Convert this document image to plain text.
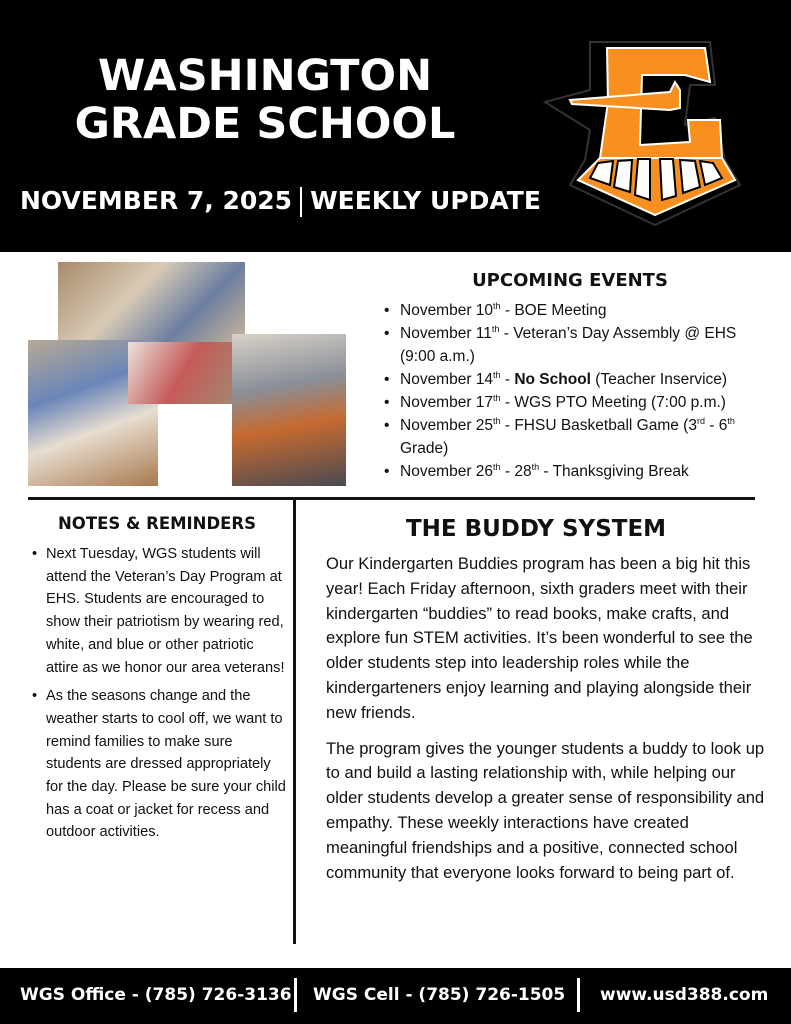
WASHINGTON
GRADE SCHOOL
NOVEMBER 7, 2025 WEEKLY UPDATE
UPCOMING EVENTS
• November 10th - BOE Meeting
• November 11th - Veteran’s Day Assembly @ EHS (9:00 a.m.)
• November 14th - No School (Teacher Inservice)
• November 17th - WGS PTO Meeting (7:00 p.m.)
• November 25th - FHSU Basketball Game (3rd - 6th Grade)
• November 26th - 28th - Thanksgiving Break
NOTES & REMINDERS
• Next Tuesday, WGS students will attend the Veteran’s Day Program at EHS. Students are encouraged to show their patriotism by wearing red, white, and blue or other patriotic attire as we honor our area veterans!
• As the seasons change and the weather starts to cool off, we want to remind families to make sure students are dressed appropriately for the day. Please be sure your child has a coat or jacket for recess and outdoor activities.
THE BUDDY SYSTEM

Our Kindergarten Buddies program has been a big hit this year! Each Friday afternoon, sixth graders meet with their kindergarten “buddies” to read books, make crafts, and explore fun STEM activities. It’s been wonderful to see the older students step into leadership roles while the kindergarteners enjoy learning and playing alongside their new friends.

The program gives the younger students a buddy to look up to and build a lasting relationship with, while helping our older students develop a greater sense of responsibility and empathy. These weekly interactions have created meaningful friendships and a positive, connected school community that everyone looks forward to being part of.

WGS Office - (785) 726-3136 WGS Cell - (785) 726-1505 www.usd388.com
